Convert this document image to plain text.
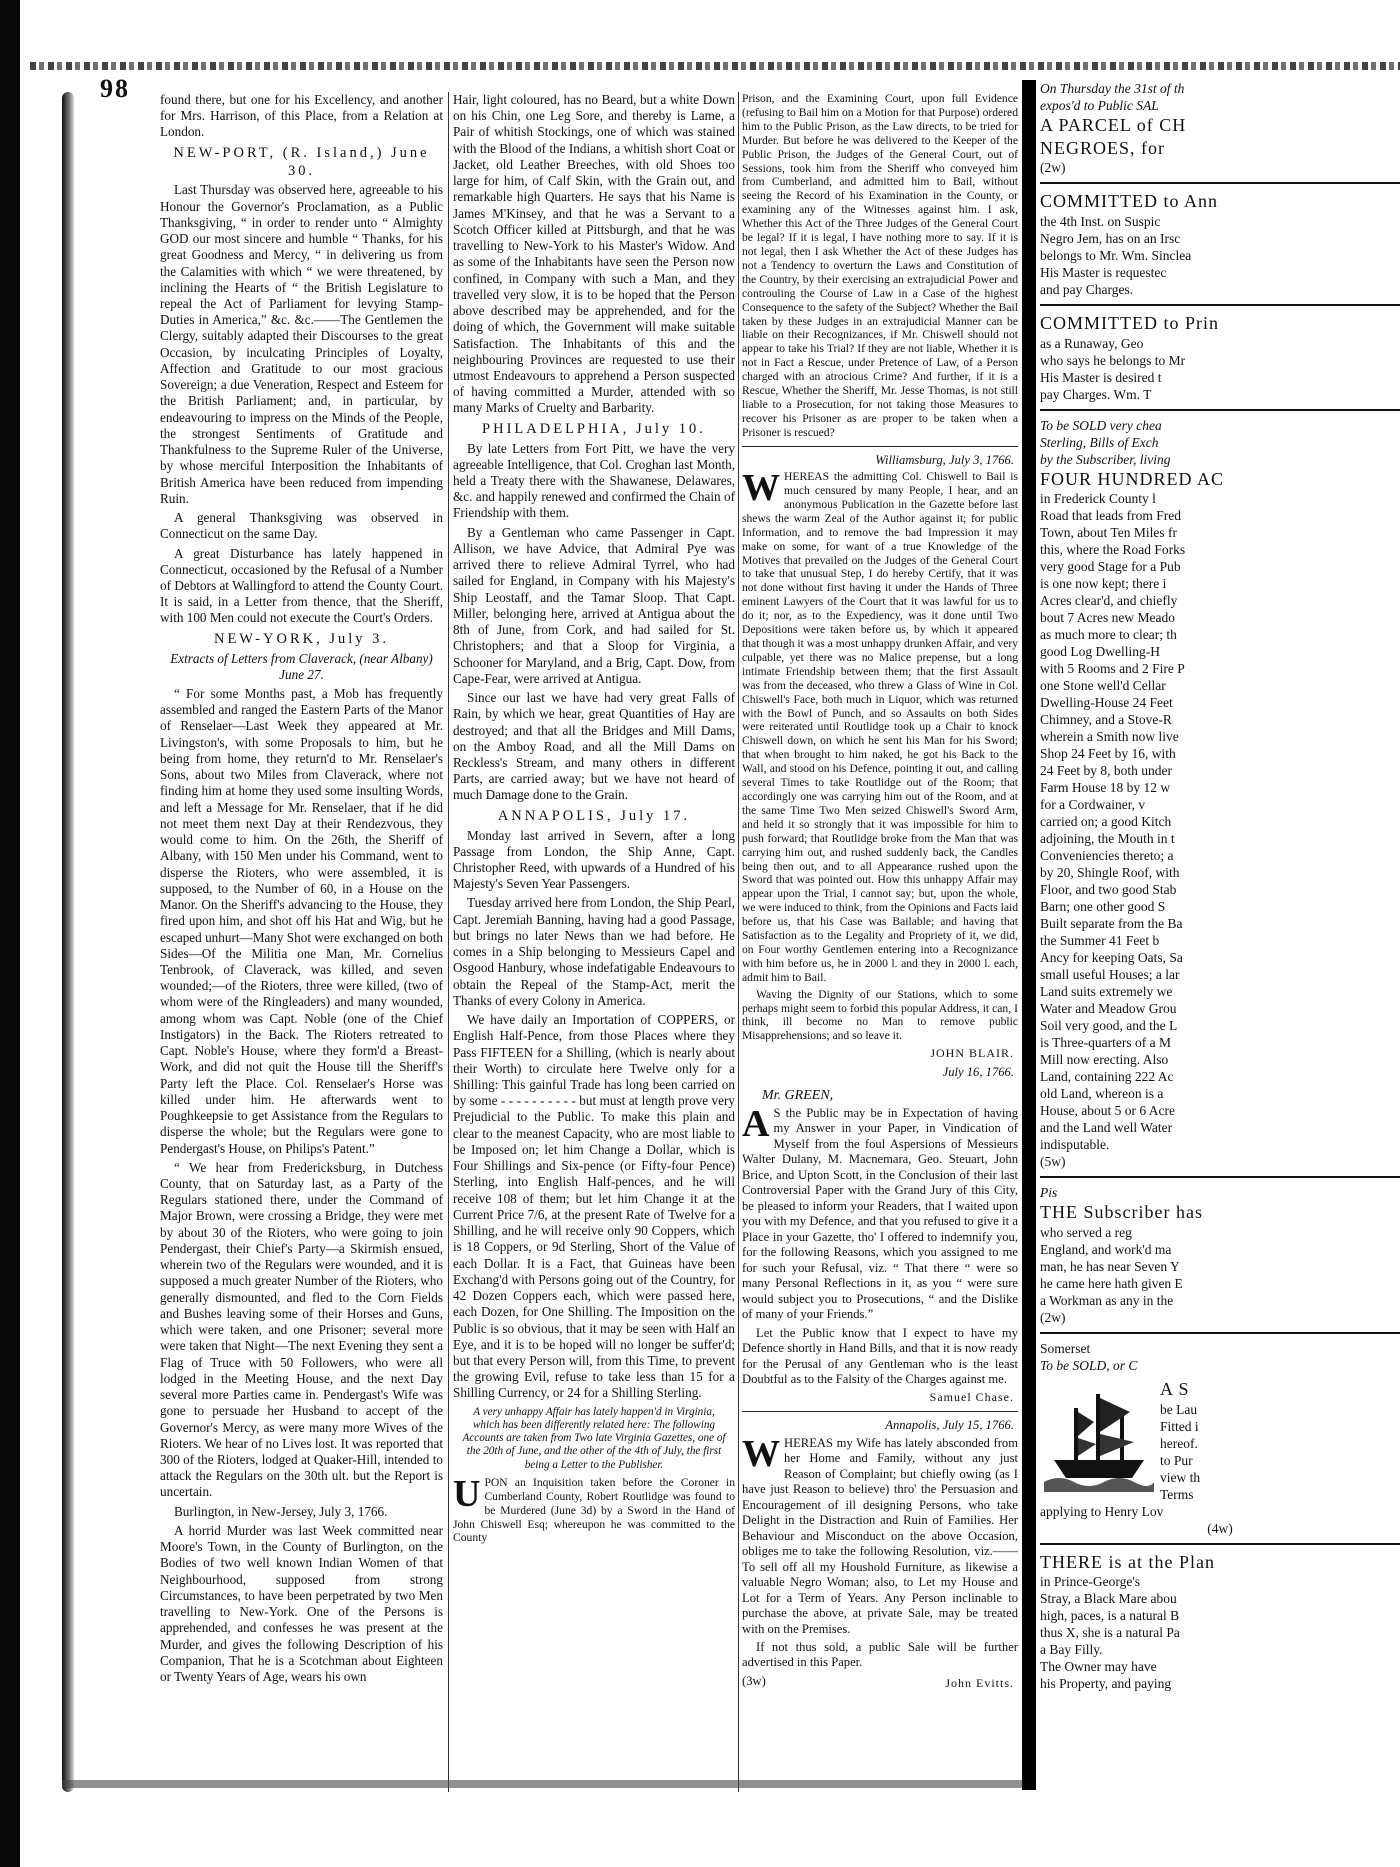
98 found there, but one for his Excellency, and another for Mrs. Harrison, of this Place, from a Relation at London.

NEW-PORT, (R. Island,) June 30.

Last Thursday was observed here, agreeable to his Honour the Governor's Proclamation, as a Public Thanksgiving, “ in order to render unto “ Almighty GOD our most sincere and humble “ Thanks, for his great Goodness and Mercy, “ in delivering us from the Calamities with which “ we were threatened, by inclining the Hearts of “ the British Legislature to repeal the Act of Parliament for levying Stamp-Duties in America,” &c. &c.——The Gentlemen the Clergy, suitably adapted their Discourses to the great Occasion, by inculcating Principles of Loyalty, Affection and Gratitude to our most gracious Sovereign; a due Veneration, Respect and Esteem for the British Parliament; and, in particular, by endeavouring to impress on the Minds of the People, the strongest Sentiments of Gratitude and Thankfulness to the Supreme Ruler of the Universe, by whose merciful Interposition the Inhabitants of British America have been reduced from impending Ruin.

A general Thanksgiving was observed in Connecticut on the same Day.

A great Disturbance has lately happened in Connecticut, occasioned by the Refusal of a Number of Debtors at Wallingford to attend the County Court. It is said, in a Letter from thence, that the Sheriff, with 100 Men could not execute the Court's Orders.

NEW-YORK, July 3.

Extracts of Letters from Claverack, (near Albany) June 27.

“ For some Months past, a Mob has frequently assembled and ranged the Eastern Parts of the Manor of Renselaer—Last Week they appeared at Mr. Livingston's, with some Proposals to him, but he being from home, they return'd to Mr. Renselaer's Sons, about two Miles from Claverack, where not finding him at home they used some insulting Words, and left a Message for Mr. Renselaer, that if he did not meet them next Day at their Rendezvous, they would come to him. On the 26th, the Sheriff of Albany, with 150 Men under his Command, went to disperse the Rioters, who were assembled, it is supposed, to the Number of 60, in a House on the Manor. On the Sheriff's advancing to the House, they fired upon him, and shot off his Hat and Wig, but he escaped unhurt—Many Shot were exchanged on both Sides—Of the Militia one Man, Mr. Cornelius Tenbrook, of Claverack, was killed, and seven wounded;—of the Rioters, three were killed, (two of whom were of the Ringleaders) and many wounded, among whom was Capt. Noble (one of the Chief Instigators) in the Back. The Rioters retreated to Capt. Noble's House, where they form'd a Breast-Work, and did not quit the House till the Sheriff's Party left the Place. Col. Renselaer's Horse was killed under him. He afterwards went to Poughkeepsie to get Assistance from the Regulars to disperse the whole; but the Regulars were gone to Pendergast's House, on Philips's Patent.”

“ We hear from Fredericksburg, in Dutchess County, that on Saturday last, as a Party of the Regulars stationed there, under the Command of Major Brown, were crossing a Bridge, they were met by about 30 of the Rioters, who were going to join Pendergast, their Chief's Party—a Skirmish ensued, wherein two of the Regulars were wounded, and it is supposed a much greater Number of the Rioters, who generally dismounted, and fled to the Corn Fields and Bushes leaving some of their Horses and Guns, which were taken, and one Prisoner; several more were taken that Night—The next Evening they sent a Flag of Truce with 50 Followers, who were all lodged in the Meeting House, and the next Day several more Parties came in. Pendergast's Wife was gone to persuade her Husband to accept of the Governor's Mercy, as were many more Wives of the Rioters. We hear of no Lives lost. It was reported that 300 of the Rioters, lodged at Quaker-Hill, intended to attack the Regulars on the 30th ult. but the Report is uncertain.

Burlington, in New-Jersey, July 3, 1766.

A horrid Murder was last Week committed near Moore's Town, in the County of Burlington, on the Bodies of two well known Indian Women of that Neighbourhood, supposed from strong Circumstances, to have been perpetrated by two Men travelling to New-York. One of the Persons is apprehended, and confesses he was present at the Murder, and gives the following Description of his Companion, That he is a Scotchman about Eighteen or Twenty Years of Age, wears his own

Hair, light coloured, has no Beard, but a white Down on his Chin, one Leg Sore, and thereby is Lame, a Pair of whitish Stockings, one of which was stained with the Blood of the Indians, a whitish short Coat or Jacket, old Leather Breeches, with old Shoes too large for him, of Calf Skin, with the Grain out, and remarkable high Quarters. He says that his Name is James M'Kinsey, and that he was a Servant to a Scotch Officer killed at Pittsburgh, and that he was travelling to New-York to his Master's Widow. And as some of the Inhabitants have seen the Person now confined, in Company with such a Man, and they travelled very slow, it is to be hoped that the Person above described may be apprehended, and for the doing of which, the Government will make suitable Satisfaction. The Inhabitants of this and the neighbouring Provinces are requested to use their utmost Endeavours to apprehend a Person suspected of having committed a Murder, attended with so many Marks of Cruelty and Barbarity.

PHILADELPHIA, July 10.

By late Letters from Fort Pitt, we have the very agreeable Intelligence, that Col. Croghan last Month, held a Treaty there with the Shawanese, Delawares, &c. and happily renewed and confirmed the Chain of Friendship with them.

By a Gentleman who came Passenger in Capt. Allison, we have Advice, that Admiral Pye was arrived there to relieve Admiral Tyrrel, who had sailed for England, in Company with his Majesty's Ship Leostaff, and the Tamar Sloop. That Capt. Miller, belonging here, arrived at Antigua about the 8th of June, from Cork, and had sailed for St. Christophers; and that a Sloop for Virginia, a Schooner for Maryland, and a Brig, Capt. Dow, from Cape-Fear, were arrived at Antigua.

Since our last we have had very great Falls of Rain, by which we hear, great Quantities of Hay are destroyed; and that all the Bridges and Mill Dams, on the Amboy Road, and all the Mill Dams on Reckless's Stream, and many others in different Parts, are carried away; but we have not heard of much Damage done to the Grain.

ANNAPOLIS, July 17.

Monday last arrived in Severn, after a long Passage from London, the Ship Anne, Capt. Christopher Reed, with upwards of a Hundred of his Majesty's Seven Year Passengers.

Tuesday arrived here from London, the Ship Pearl, Capt. Jeremiah Banning, having had a good Passage, but brings no later News than we had before. He comes in a Ship belonging to Messieurs Capel and Osgood Hanbury, whose indefatigable Endeavours to obtain the Repeal of the Stamp-Act, merit the Thanks of every Colony in America.

We have daily an Importation of COPPERS, or English Half-Pence, from those Places where they Pass FIFTEEN for a Shilling, (which is nearly about their Worth) to circulate here Twelve only for a Shilling: This gainful Trade has long been carried on by some - - - - - - - - - - but must at length prove very Prejudicial to the Public. To make this plain and clear to the meanest Capacity, who are most liable to be Imposed on; let him Change a Dollar, which is Four Shillings and Six-pence (or Fifty-four Pence) Sterling, into English Half-pences, and he will receive 108 of them; but let him Change it at the Current Price 7/6, at the present Rate of Twelve for a Shilling, and he will receive only 90 Coppers, which is 18 Coppers, or 9d Sterling, Short of the Value of each Dollar. It is a Fact, that Guineas have been Exchang'd with Persons going out of the Country, for 42 Dozen Coppers each, which were passed here, each Dozen, for One Shilling. The Imposition on the Public is so obvious, that it may be seen with Half an Eye, and it is to be hoped will no longer be suffer'd; but that every Person will, from this Time, to prevent the growing Evil, refuse to take less than 15 for a Shilling Currency, or 24 for a Shilling Sterling.

A very unhappy Affair has lately happen'd in Virginia, which has been differently related here: The following Accounts are taken from Two late Virginia Gazettes, one of the 20th of June, and the other of the 4th of July, the first being a Letter to the Publisher.

UPON an Inquisition taken before the Coroner in Cumberland County, Robert Routlidge was found to be Murdered (June 3d) by a Sword in the Hand of John Chiswell Esq; whereupon he was committed to the County

Prison, and the Examining Court, upon full Evidence (refusing to Bail him on a Motion for that Purpose) ordered him to the Public Prison, as the Law directs, to be tried for Murder. But before he was delivered to the Keeper of the Public Prison, the Judges of the General Court, out of Sessions, took him from the Sheriff who conveyed him from Cumberland, and admitted him to Bail, without seeing the Record of his Examination in the County, or examining any of the Witnesses against him. I ask, Whether this Act of the Three Judges of the General Court be legal? If it is legal, I have nothing more to say. If it is not legal, then I ask Whether the Act of these Judges has not a Tendency to overturn the Laws and Constitution of the Country, by their exercising an extrajudicial Power and controuling the Course of Law in a Case of the highest Consequence to the safety of the Subject? Whether the Bail taken by these Judges in an extrajudicial Manner can be liable on their Recognizances, if Mr. Chiswell should not appear to take his Trial? If they are not liable, Whether it is not in Fact a Rescue, under Pretence of Law, of a Person charged with an atrocious Crime? And further, if it is a Rescue, Whether the Sheriff, Mr. Jesse Thomas, is not still liable to a Prosecution, for not taking those Measures to recover his Prisoner as are proper to be taken when a Prisoner is rescued?

Williamsburg, July 3, 1766.

WHEREAS the admitting Col. Chiswell to Bail is much censured by many People, I hear, and an anonymous Publication in the Gazette before last shews the warm Zeal of the Author against it; for public Information, and to remove the bad Impression it may make on some, for want of a true Knowledge of the Motives that prevailed on the Judges of the General Court to take that unusual Step, I do hereby Certify, that it was not done without first having it under the Hands of Three eminent Lawyers of the Court that it was lawful for us to do it; nor, as to the Expediency, was it done until Two Depositions were taken before us, by which it appeared that though it was a most unhappy drunken Affair, and very culpable, yet there was no Malice prepense, but a long intimate Friendship between them; that the first Assault was from the deceased, who threw a Glass of Wine in Col. Chiswell's Face, both much in Liquor, which was returned with the Bowl of Punch, and so Assaults on both Sides were reiterated until Routlidge took up a Chair to knock Chiswell down, on which he sent his Man for his Sword; that when brought to him naked, he got his Back to the Wall, and stood on his Defence, pointing it out, and calling several Times to take Routlidge out of the Room; that accordingly one was carrying him out of the Room, and at the same Time Two Men seized Chiswell's Sword Arm, and held it so strongly that it was impossible for him to push forward; that Routlidge broke from the Man that was carrying him out, and rushed suddenly back, the Candles being then out, and to all Appearance rushed upon the Sword that was pointed out. How this unhappy Affair may appear upon the Trial, I cannot say; but, upon the whole, we were induced to think, from the Opinions and Facts laid before us, that his Case was Bailable; and having that Satisfaction as to the Legality and Propriety of it, we did, on Four worthy Gentlemen entering into a Recognizance with him before us, he in 2000 l. and they in 2000 l. each, admit him to Bail.

Waving the Dignity of our Stations, which to some perhaps might seem to forbid this popular Address, it can, I think, ill become no Man to remove public Misapprehensions; and so leave it.

JOHN BLAIR.

July 16, 1766.

Mr. GREEN,

A S the Public may be in Expectation of having my Answer in your Paper, in Vindication of Myself from the foul Aspersions of Messieurs Walter Dulany, M. Macnemara, Geo. Steuart, John Brice, and Upton Scott, in the Conclusion of their last Controversial Paper with the Grand Jury of this City, be pleased to inform your Readers, that I waited upon you with my Defence, and that you refused to give it a Place in your Gazette, tho' I offered to indemnify you, for the following Reasons, which you assigned to me for such your Refusal, viz. “ That there “ were so many Personal Reflections in it, as you “ were sure would subject you to Prosecutions, “ and the Dislike of many of your Friends.”

Let the Public know that I expect to have my Defence shortly in Hand Bills, and that it is now ready for the Perusal of any Gentleman who is the least Doubtful as to the Falsity of the Charges against me.

Samuel Chase.

Annapolis, July 15, 1766.

WHEREAS my Wife has lately absconded from her Home and Family, without any just Reason of Complaint; but chiefly owing (as I have just Reason to believe) thro' the Persuasion and Encouragement of ill designing Persons, who take Delight in the Distraction and Ruin of Families. Her Behaviour and Misconduct on the above Occasion, obliges me to take the following Resolution, viz.——To sell off all my Houshold Furniture, as likewise a valuable Negro Woman; also, to Let my House and Lot for a Term of Years. Any Person inclinable to purchase the above, at private Sale, may be treated with on the Premises.

If not thus sold, a public Sale will be further advertised in this Paper.

(3w)	John Evitts.

On Thursday the 31st of th

expos'd to Public SAL

A PARCEL of CH

NEGROES, for

(2w)

COMMITTED to Ann

the 4th Inst. on Suspic

Negro Jem, has on an Irsc

belongs to Mr. Wm. Sinclea

His Master is requestec

and pay Charges.

COMMITTED to Prin

as a Runaway, Geo

who says he belongs to Mr

His Master is desired t

pay Charges. Wm. T

To be SOLD very chea

Sterling, Bills of Exch

by the Subscriber, living

FOUR HUNDRED AC

in Frederick County l

Road that leads from Fred

Town, about Ten Miles fr

this, where the Road Forks

very good Stage for a Pub

is one now kept; there i

Acres clear'd, and chiefly

bout 7 Acres new Meado

as much more to clear; th

good Log Dwelling-H

with 5 Rooms and 2 Fire P

one Stone well'd Cellar

Dwelling-House 24 Feet

Chimney, and a Stove-R

wherein a Smith now live

Shop 24 Feet by 16, with

24 Feet by 8, both under

Farm House 18 by 12 w

for a Cordwainer, v

carried on; a good Kitch

adjoining, the Mouth in t

Conveniencies thereto; a

by 20, Shingle Roof, with

Floor, and two good Stab

Barn; one other good S

Built separate from the Ba

the Summer 41 Feet b

Ancy for keeping Oats, Sa

small useful Houses; a lar

Land suits extremely we

Water and Meadow Grou

Soil very good, and the L

is Three-quarters of a M

Mill now erecting. Also

Land, containing 222 Ac

old Land, whereon is a

House, about 5 or 6 Acre

and the Land well Water

indisputable.

(5w)

Pis

THE Subscriber has

who served a reg

England, and work'd ma

man, he has near Seven Y

he came here hath given E

a Workman as any in the

(2w)

Somerset

To be SOLD, or C

A S

be Lau

Fitted i

hereof.

to Pur

view th

Terms

applying to Henry Lov

(4w)

THERE is at the Plan

in Prince-George's

Stray, a Black Mare abou

high, paces, is a natural B

thus X, she is a natural Pa

a Bay Filly.

The Owner may have

his Property, and paying
